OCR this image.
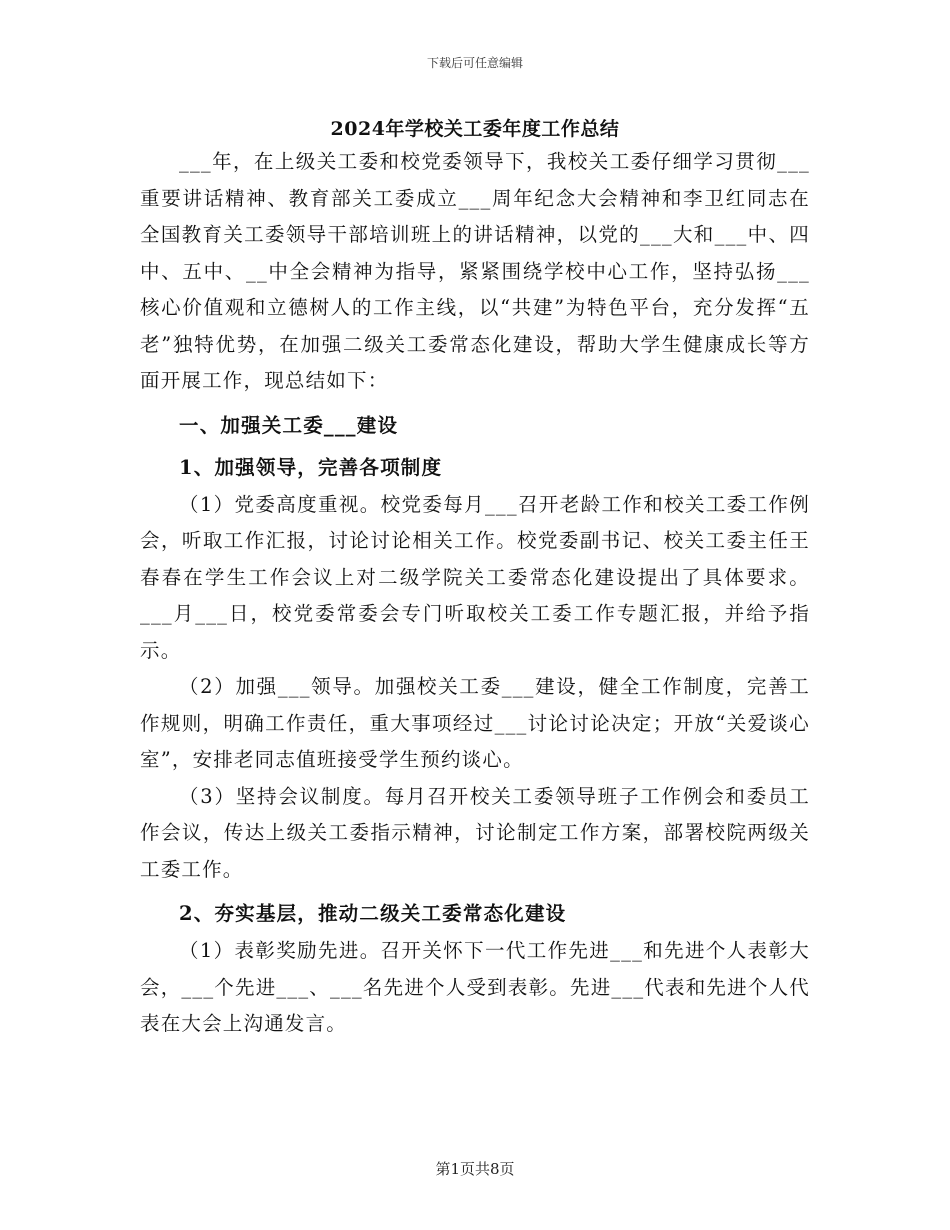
下载后可任意编辑
2024年学校关工委年度工作总结

___年，在上级关工委和校党委领导下，我校关工委仔细学习贯彻___重要讲话精神、教育部关工委成立___周年纪念大会精神和李卫红同志在全国教育关工委领导干部培训班上的讲话精神，以党的___大和___中、四中、五中、__中全会精神为指导，紧紧围绕学校中心工作，坚持弘扬___核心价值观和立德树人的工作主线，以“共建”为特色平台，充分发挥“五老”独特优势，在加强二级关工委常态化建设，帮助大学生健康成长等方面开展工作，现总结如下：

一、加强关工委___建设
1、加强领导，完善各项制度

（1）党委高度重视。校党委每月___召开老龄工作和校关工委工作例会，听取工作汇报，讨论讨论相关工作。校党委副书记、校关工委主任王春春在学生工作会议上对二级学院关工委常态化建设提出了具体要求。___月___日，校党委常委会专门听取校关工委工作专题汇报，并给予指示。

（2）加强___领导。加强校关工委___建设，健全工作制度，完善工作规则，明确工作责任，重大事项经过___讨论讨论决定；开放“关爱谈心室”，安排老同志值班接受学生预约谈心。

（3）坚持会议制度。每月召开校关工委领导班子工作例会和委员工作会议，传达上级关工委指示精神，讨论制定工作方案，部署校院两级关工委工作。

2、夯实基层，推动二级关工委常态化建设

（1）表彰奖励先进。召开关怀下一代工作先进___和先进个人表彰大会，___个先进___、___名先进个人受到表彰。先进___代表和先进个人代表在大会上沟通发言。

第1页共8页
